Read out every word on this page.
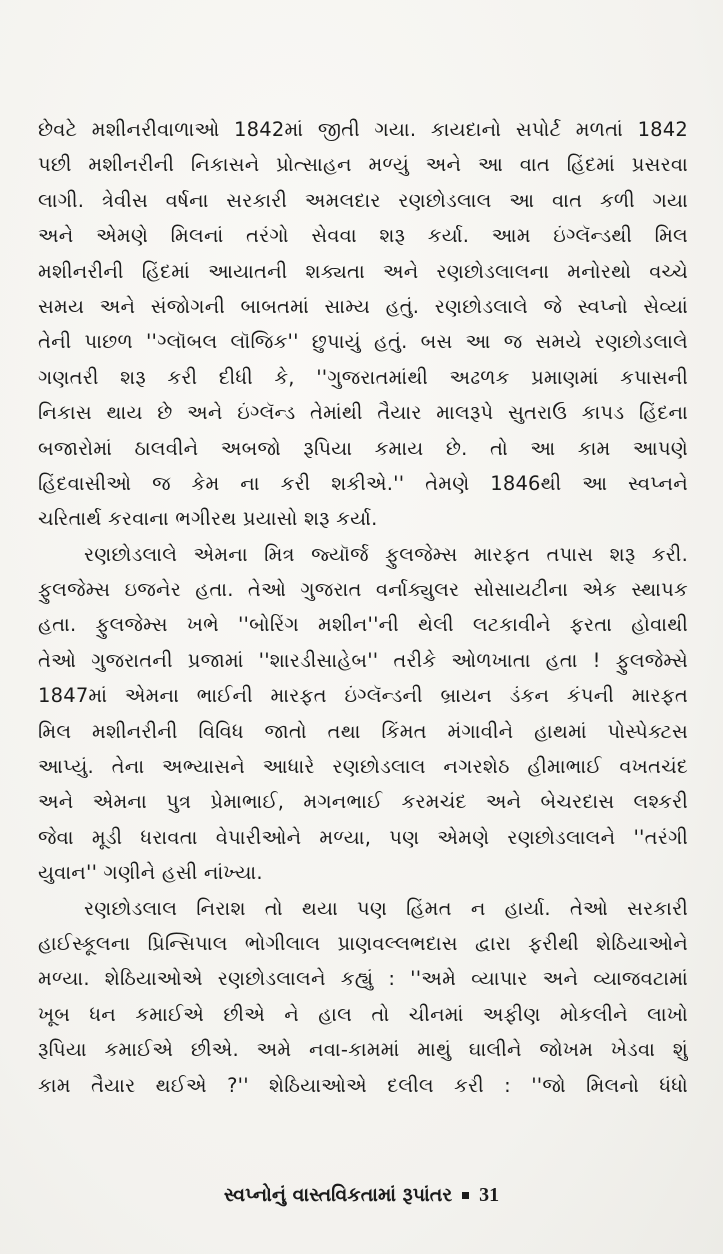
છેવટે મશીનરીવાળાઓ 1842માં જીતી ગયા. કાયદાનો સપોર્ટ મળતાં 1842
પછી મશીનરીની નિકાસને પ્રોત્સાહન મળ્યું અને આ વાત હિંદમાં પ્રસરવા
લાગી. ત્રેવીસ વર્ષના સરકારી અમલદાર રણછોડલાલ આ વાત કળી ગયા
અને એમણે મિલનાં તરંગો સેવવા શરૂ કર્યા. આમ ઇંગ્લૅન્ડથી મિલ
મશીનરીની હિંદમાં આયાતની શક્યતા અને રણછોડલાલના મનોરથો વચ્ચે
સમય અને સંજોગની બાબતમાં સામ્ય હતું. રણછોડલાલે જે સ્વપ્નો સેવ્યાં
તેની પાછળ ''ગ્લૉબલ લૉજિક'' છુપાયું હતું. બસ આ જ સમયે રણછોડલાલે
ગણતરી શરૂ કરી દીધી કે, ''ગુજરાતમાંથી અઢળક પ્રમાણમાં કપાસની
નિકાસ થાય છે અને ઇંગ્લૅન્ડ તેમાંથી તૈયાર માલરૂપે સુતરાઉ કાપડ હિંદના
બજારોમાં ઠાલવીને અબજો રૂપિયા કમાય છે. તો આ કામ આપણે
હિંદવાસીઓ જ કેમ ના કરી શકીએ.'' તેમણે 1846થી આ સ્વપ્નને
ચરિતાર્થ કરવાના ભગીરથ પ્રયાસો શરૂ કર્યા.
રણછોડલાલે એમના મિત્ર જ્યૉર્જ ફુલજેમ્સ મારફત તપાસ શરૂ કરી.
ફુલજેમ્સ ઇજનેર હતા. તેઓ ગુજરાત વર્નાક્યુલર સોસાયટીના એક સ્થાપક
હતા. ફુલજેમ્સ ખભે ''બોરિંગ મશીન''ની થેલી લટકાવીને ફરતા હોવાથી
તેઓ ગુજરાતની પ્રજામાં ''શારડીસાહેબ'' તરીકે ઓળખાતા હતા ! ફુલજેમ્સે
1847માં એમના ભાઈની મારફત ઇંગ્લૅન્ડની બ્રાયન ડંકન કંપની મારફત
મિલ મશીનરીની વિવિધ જાતો તથા કિંમત મંગાવીને હાથમાં પોસ્પેક્ટસ
આપ્યું. તેના અભ્યાસને આધારે રણછોડલાલ નગરશેઠ હીમાભાઈ વખતચંદ
અને એમના પુત્ર પ્રેમાભાઈ, મગનભાઈ કરમચંદ અને બેચરદાસ લશ્કરી
જેવા મૂડી ધરાવતા વેપારીઓને મળ્યા, પણ એમણે રણછોડલાલને ''તરંગી
યુવાન'' ગણીને હસી નાંખ્યા.
રણછોડલાલ નિરાશ તો થયા પણ હિંમત ન હાર્યા. તેઓ સરકારી
હાઈસ્કૂલના પ્રિન્સિપાલ ભોગીલાલ પ્રાણવલ્લભદાસ દ્વારા ફરીથી શેઠિયાઓને
મળ્યા. શેઠિયાઓએ રણછોડલાલને કહ્યું : ''અમે વ્યાપાર અને વ્યાજવટામાં
ખૂબ ધન કમાઈએ છીએ ને હાલ તો ચીનમાં અફીણ મોકલીને લાખો
રૂપિયા કમાઈએ છીએ. અમે નવા-કામમાં માથું ઘાલીને જોખમ ખેડવા શું
કામ તૈયાર થઈએ ?'' શેઠિયાઓએ દલીલ કરી : ''જો મિલનો ધંધો
સ્વપ્નોનું વાસ્તવિકતામાં રૂપાંતર 31
